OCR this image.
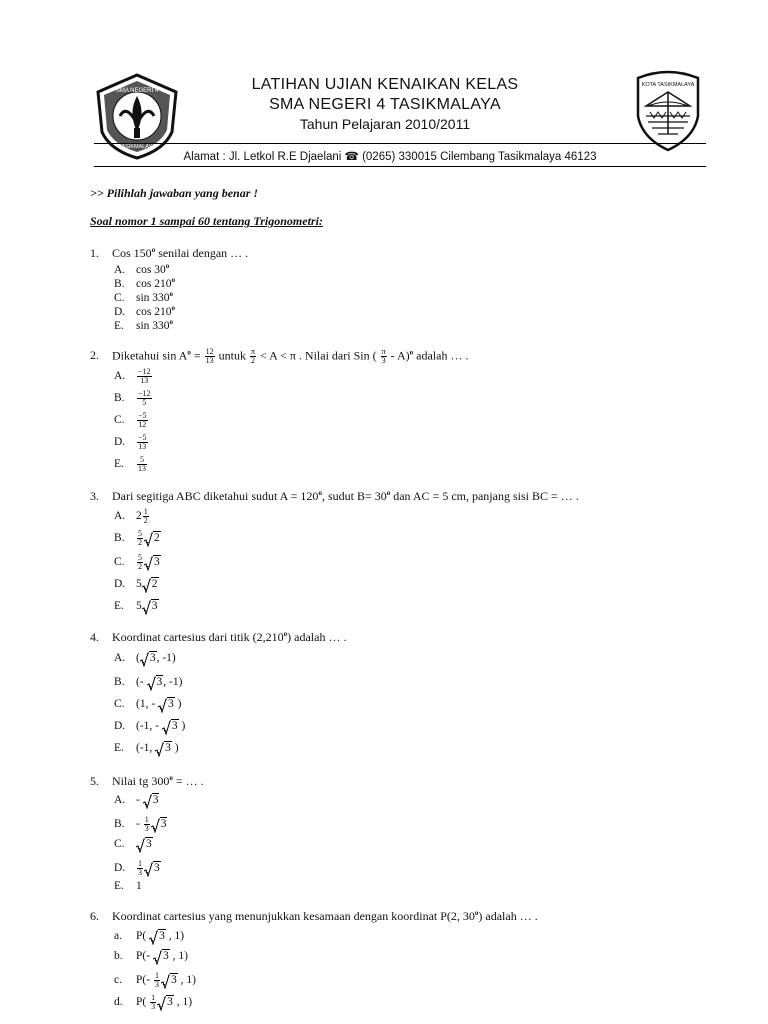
SMA NEGERI 4
TASIKMALAYA
LATIHAN UJIAN KENAIKAN KELAS
SMA NEGERI 4 TASIKMALAYA
Tahun Pelajaran 2010/2011
KOTA TASIKMALAYA
Alamat : Jl. Letkol R.E Djaelani ☎ (0265) 330015 Cilembang Tasikmalaya 46123
>> Pilihlah jawaban yang benar !
Soal nomor 1 sampai 60 tentang Trigonometri:
1. Cos 150$^o$ senilai dengan … .
A. cos 30$^o$
B. cos 210$^o$
C. sin 330$^o$
D. cos 210$^o$
E. sin 330$^o$
2. Diketahui $\sin A^o = \frac{12}{13}$ untuk $\frac{\pi}{2} < A < \pi$ . Nilai dari Sin ( $\frac{\pi}{3} - A)^o$ adalah … .
A. $\frac{-12}{13}$
B. $\frac{-12}{5}$
C. $\frac{-5}{12}$
D. $\frac{-5}{13}$
E. $\frac{5}{13}$
3. Dari segitiga ABC diketahui sudut $A = 120^o$, sudut $B= 30^o$ dan AC = 5 cm, panjang sisi BC = … .
A. $2 \frac{1}{2}$
B. $\frac{5}{2} 2$
C. $\frac{5}{2} 3$
D. 5 2
E. 5 3
4. Koordinat cartesius dari titik (2,210$^o$) adalah … .
A. ( 3, -1)
B. (-
3, -1)
C. (1, -
3 )
D. (-1, -
3 )
E. (-1,
3 )
5. Nilai tg $300^o$ = … .
A. -
3
B. - $\frac{1}{3} 3$
C. 3
D. $\frac{1}{3} 3$
E. 1
6. Koordinat cartesius yang menunjukkan kesamaan dengan koordinat P(2, 30$^o$) adalah … .
a. P(
3 , 1)
b. P(-
3 , 1)
c. $P(- \frac{1}{3} 3$ , 1)
d. $P( \frac{1}{3} 3$ , 1)
